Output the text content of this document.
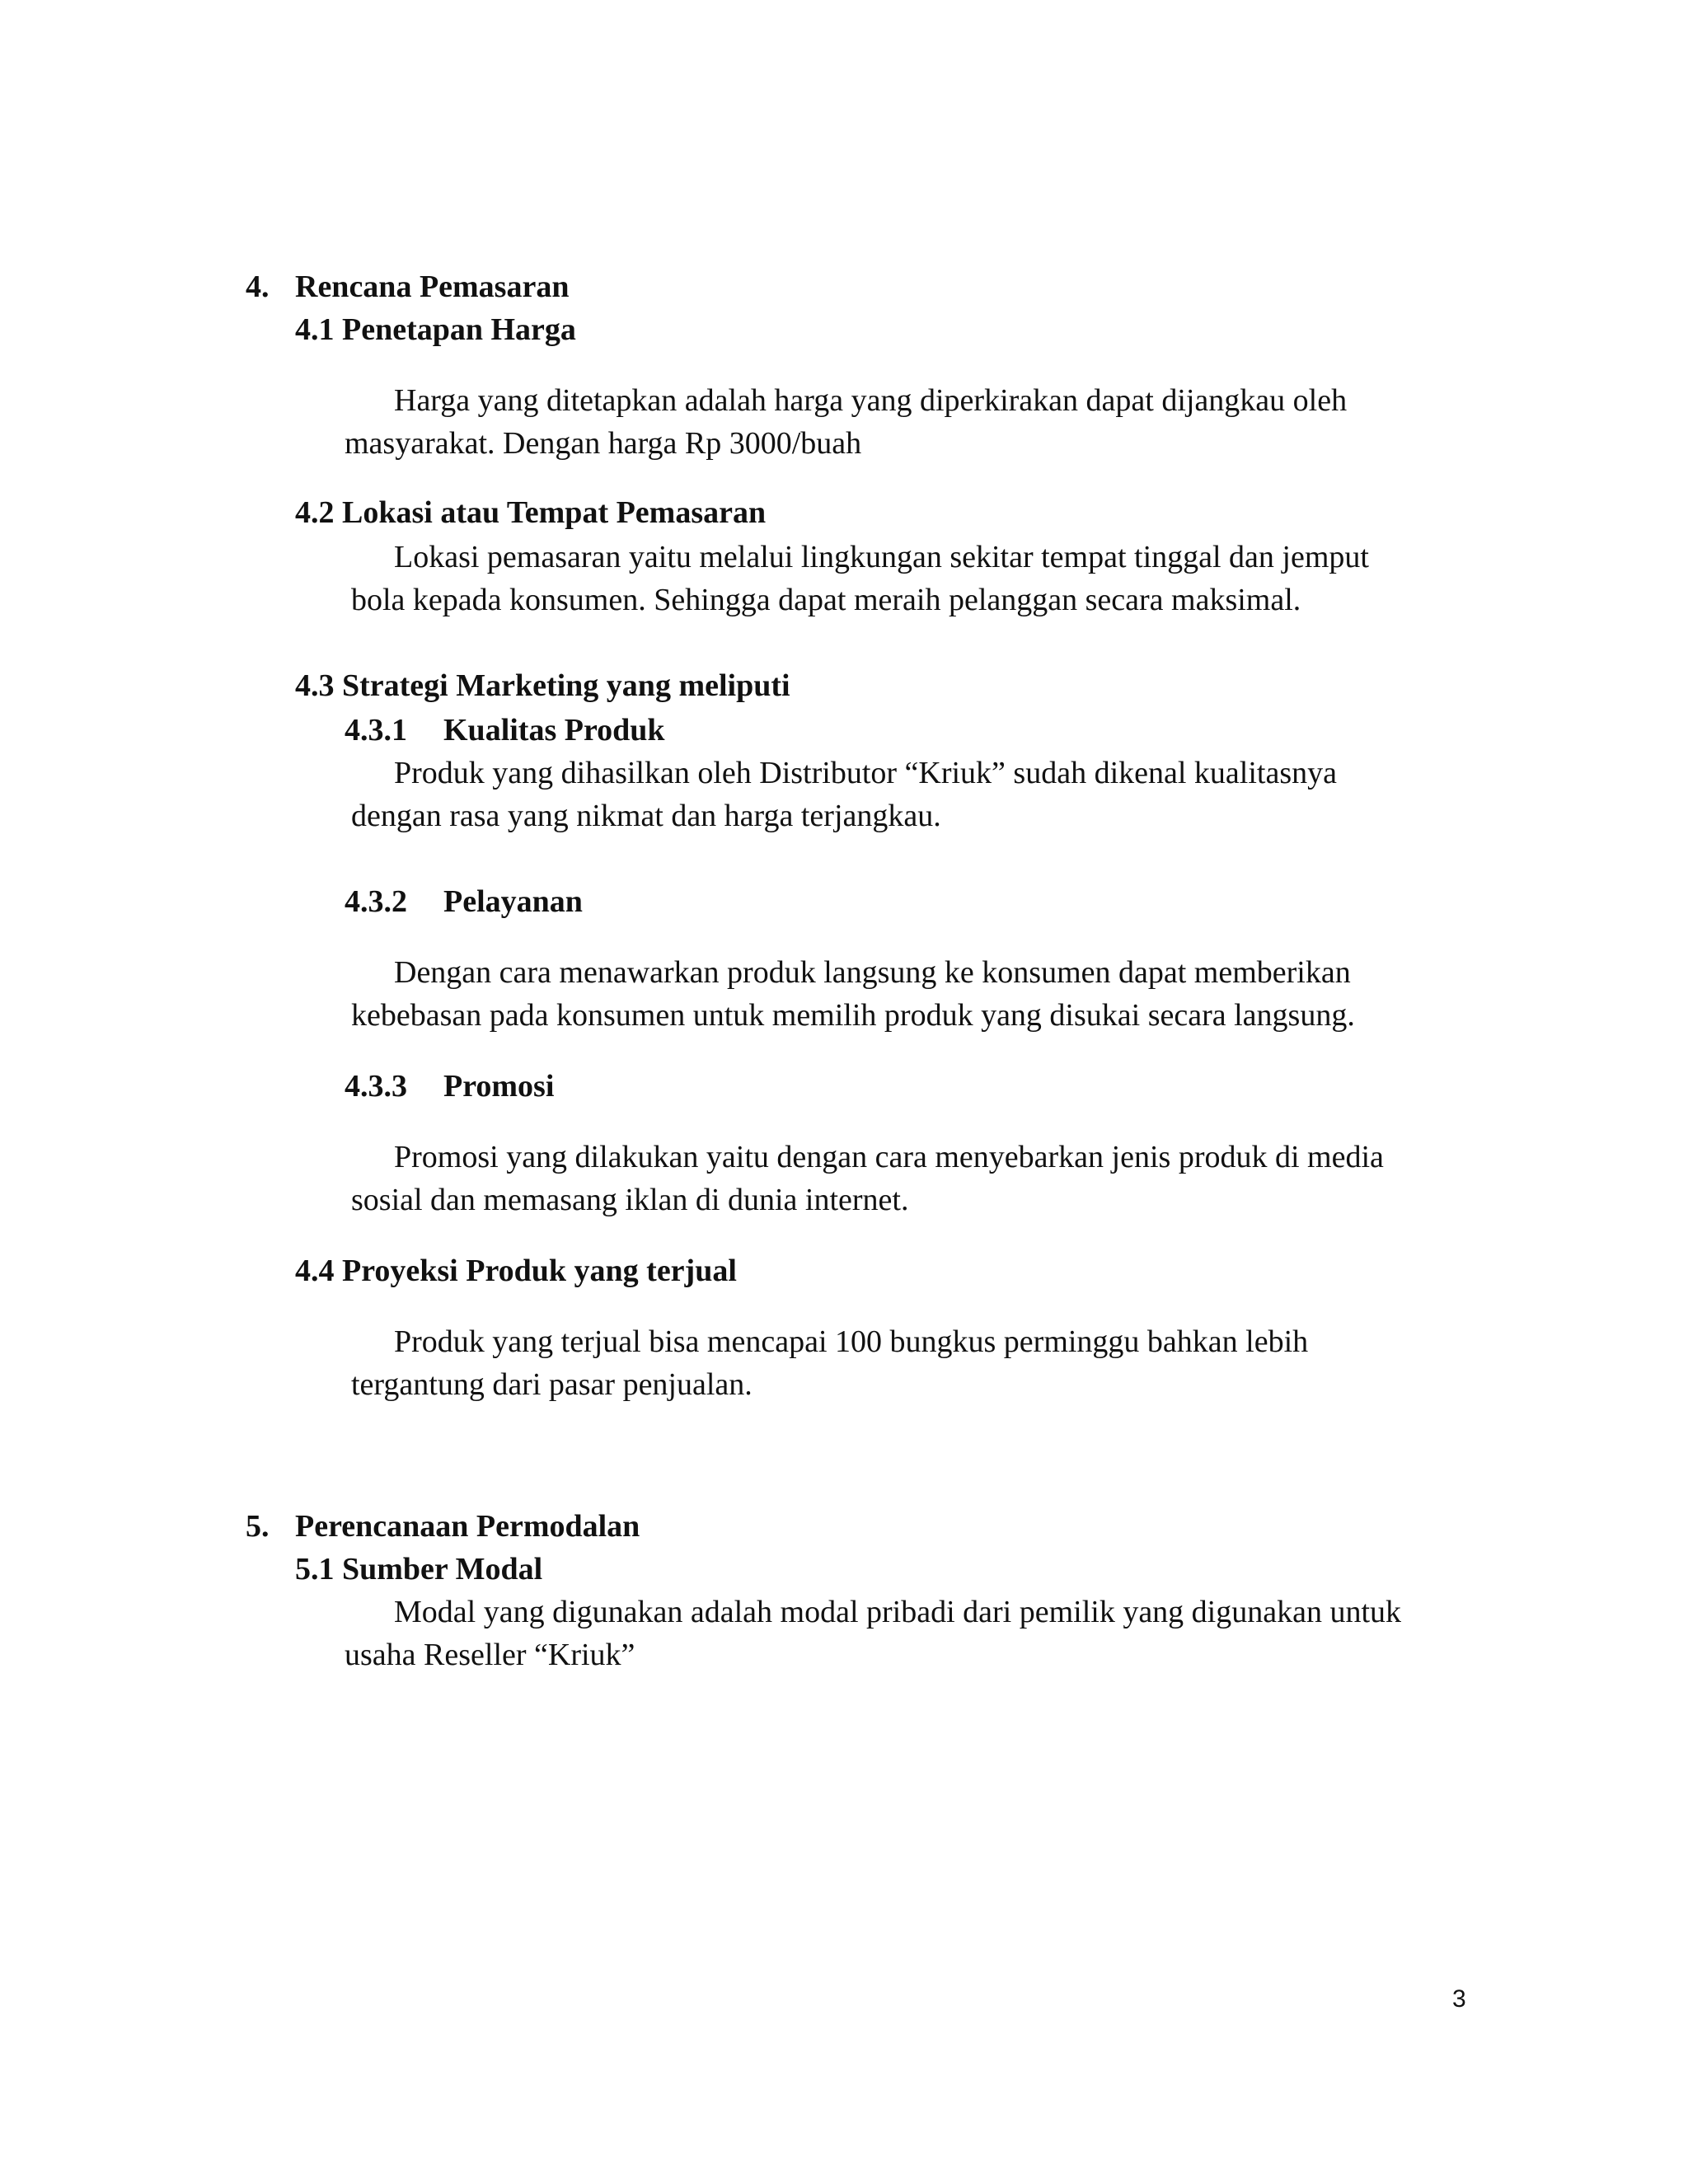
4. Rencana Pemasaran
4.1 Penetapan Harga
Harga yang ditetapkan adalah harga yang diperkirakan dapat dijangkau oleh
masyarakat. Dengan harga Rp 3000/buah
4.2 Lokasi atau Tempat Pemasaran
Lokasi pemasaran yaitu melalui lingkungan sekitar tempat tinggal dan jemput
bola kepada konsumen. Sehingga dapat meraih pelanggan secara maksimal.
4.3 Strategi Marketing yang meliputi
4.3.1 Kualitas Produk
Produk yang dihasilkan oleh Distributor “Kriuk” sudah dikenal kualitasnya
dengan rasa yang nikmat dan harga terjangkau.
4.3.2 Pelayanan
Dengan cara menawarkan produk langsung ke konsumen dapat memberikan
kebebasan pada konsumen untuk memilih produk yang disukai secara langsung.
4.3.3 Promosi
Promosi yang dilakukan yaitu dengan cara menyebarkan jenis produk di media
sosial dan memasang iklan di dunia internet.
4.4 Proyeksi Produk yang terjual
Produk yang terjual bisa mencapai 100 bungkus perminggu bahkan lebih
tergantung dari pasar penjualan.
5. Perencanaan Permodalan
5.1 Sumber Modal
Modal yang digunakan adalah modal pribadi dari pemilik yang digunakan untuk
usaha Reseller “Kriuk”
3
